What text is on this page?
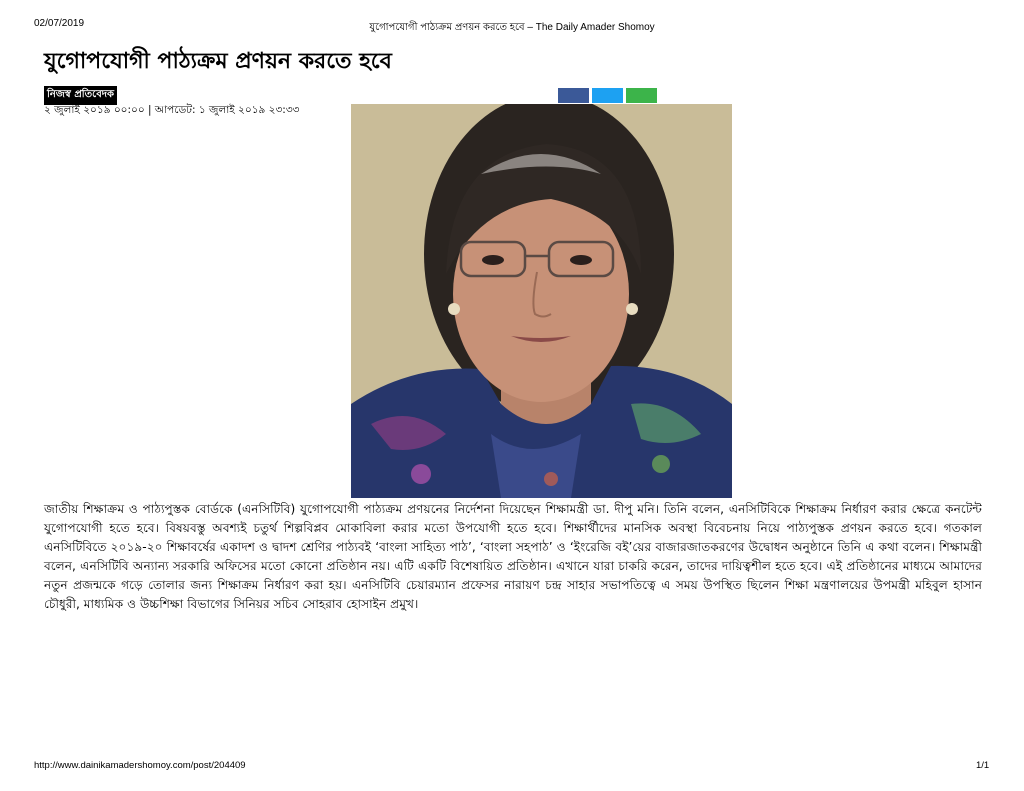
02/07/2019	যুগোপযোগী পাঠ্যক্রম প্রণয়ন করতে হবে – The Daily Amader Shomoy
যুগোপযোগী পাঠ্যক্রম প্রণয়ন করতে হবে
নিজস্ব প্রতিবেদক
২ জুলাই ২০১৯ ০০:০০ | আপডেট: ১ জুলাই ২০১৯ ২৩:৩৩

জাতীয় শিক্ষাক্রম ও পাঠ্যপুস্তক বোর্ডকে (এনসিটিবি) যুগোপযোগী পাঠ্যক্রম প্রণয়নের নির্দেশনা দিয়েছেন শিক্ষামন্ত্রী ডা. দীপু মনি। তিনি বলেন, এনসিটিবিকে শিক্ষাক্রম নির্ধারণ করার ক্ষেত্রে কনটেন্ট যুগোপযোগী হতে হবে। বিষয়বস্তু অবশ্যই চতুর্থ শিল্পবিপ্লব মোকাবিলা করার মতো উপযোগী হতে হবে। শিক্ষার্থীদের মানসিক অবস্থা বিবেচনায় নিয়ে পাঠ্যপুস্তক প্রণয়ন করতে হবে। গতকাল এনসিটিবিতে ২০১৯-২০ শিক্ষাবর্ষের একাদশ ও দ্বাদশ শ্রেণির পাঠ্যবই ‘বাংলা সাহিত্য পাঠ’, ‘বাংলা সহপাঠ’ ও ‘ইংরেজি বই’য়ের বাজারজাতকরণের উদ্বোধন অনুষ্ঠানে তিনি এ কথা বলেন। শিক্ষামন্ত্রী বলেন, এনসিটিবি অন্যান্য সরকারি অফিসের মতো কোনো প্রতিষ্ঠান নয়। এটি একটি বিশেষায়িত প্রতিষ্ঠান। এখানে যারা চাকরি করেন, তাদের দায়িত্বশীল হতে হবে। এই প্রতিষ্ঠানের মাধ্যমে আমাদের নতুন প্রজন্মকে গড়ে তোলার জন্য শিক্ষাক্রম নির্ধারণ করা হয়। এনসিটিবি চেয়ারম্যান প্রফেসর নারায়ণ চন্দ্র সাহার সভাপতিত্বে এ সময় উপস্থিত ছিলেন শিক্ষা মন্ত্রণালয়ের উপমন্ত্রী মহিবুল হাসান চৌধুরী, মাধ্যমিক ও উচ্চশিক্ষা বিভাগের সিনিয়র সচিব সোহরাব হোসাইন প্রমুখ।

http://www.dainikamadershomoy.com/post/204409	1/1
